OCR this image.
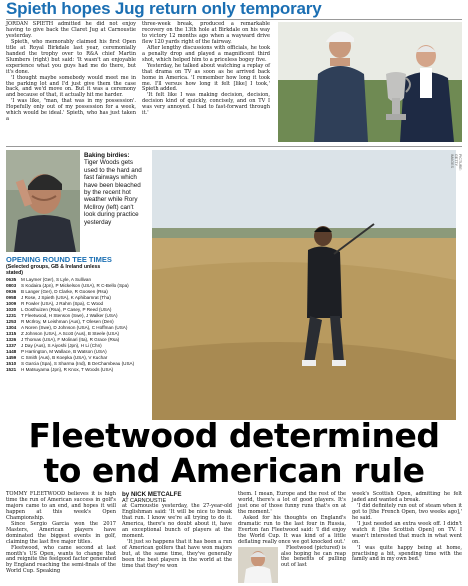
Spieth hopes Jug return only temporary

JORDAN SPIETH admitted he did not enjoy having to give back the Claret Jug at Carnoustie yesterday.

Spieth, who memorably claimed his first Open title at Royal Birkdale last year, ceremonially handed the trophy over to R&A chief Martin Slumbers (right) but said: 'It wasn't an enjoyable experience what you guys had me do there, but it's done.

'I thought maybe somebody would meet me in the parking lot and I'd just give them the case back, and we'd move on. But it was a ceremony and because of that, it actually hit me harder.

'I was like, "man, that was in my possession'. Hopefully only out of my possession for a week, which would be ideal.' Spieth, who has just taken a

three-week break, produced a remarkable recovery on the 13th hole at Birkdale on his way to victory 12 months ago when a wayward drive flew 120 yards right of the fairway.

After lengthy discussions with officials, he took a penalty drop and played a magnificent third shot, which helped him to a priceless bogey five.

Yesterday, he talked about watching a replay of that drama on TV as soon as he arrived back home in America. 'I remember how long it took me. I'll versus how long it felt [like] I took,' Spieth added.

'It felt like I was making decision, decision, decision kind of quickly, concisely, and on TV I was very annoyed. I had to fast-forward through it.'

Baking birdies: Tiger Woods gets used to the hard and fast fairways which have been bleached by the recent hot weather while Rory McIlroy (left) can't look during practice yesterday
PICTURE: GETTY IMAGES
OPENING ROUND TEE TIMES
(Selected groups, GB & Ireland unless stated)
0635 M Laymer (Ger), S Lyle, A Sullivan
0803 S Kodaira (Jpn), P Mickelson (USA), R C-Bello (Spa)
0936 B Langer (Ger), D Clarke, R Goosen (Rsa)
0958 J Rose, J Spieth (USA), K Aphibarnrat (Tha)
1009 R Fowler (USA), J Rahm (Spa), C Wood
1020 L Oosthuizen (Rsa), P Casey, P Reed (USA)
1231 T Fleetwood, H Stenson (Swe), J Walker (USA)
1253 R McIlroy, M Leishman (Aus), T Olesen (Den)
1304 A Noren (Swe), D Johnson (USA), C Hoffman (USA)
1315 Z Johnson (USA), A Scott (Aus), B Steele (USA)
1326 J Thomas (USA), F Molinari (Ita), R Grace (Rsa)
1337 J Day (Aus), S Aiyoshi (Jpn), H Li (Chn)
1448 P Harrington, M Wallace, B Watson (USA)
1459 C Smith (Aus), B Koepka (USA), V Kuchar
1510 S Garcia (Spa), S Sharma (Ind), B DeChambeau (USA)
1521 H Matsuyama (Jpn), R Knox, T Woods (USA)
Fleetwood determined
to end American rule

TOMMY FLEETWOOD believes it is high time the run of American success in golf's majors came to an end, and hopes it will happen at this week's Open Championship.

Since Sergio Garcia won the 2017 Masters, American players have dominated the biggest events in golf, claiming the last five major titles.

Fleetwood, who came second at last month's US Open, wants to change that and reignite the feelgood factor generated by England reaching the semi-finals of the World Cup. Speaking

by NICK METCALFE
AT CARNOUSTIE

at Carnoustie yesterday, the 27-year-old Englishman said: 'It will be nice to break that run. I know we're all trying to do it. America, there's no doubt about it, have an exceptional bunch of players at the moment.

'It just so happens that it has been a run of American golfers that have won majors but, at the same time, they've generally been the best players in the world at the time that they've won

them. I mean, Europe and the rest of the world, there's a lot of good players. It's just one of those funny runs that's on at the moment.'

Asked for his thoughts on England's dramatic run to the last four in Russia, Everton fan Fleetwood said: 'I did enjoy the World Cup. It was kind of a little deflating really once we got knocked out.'

Fleetwood (pictured) is also hoping he can reap the benefits of pulling out of last

week's Scottish Open, admitting he felt jaded and wanted a break.

'I did definitely run out of steam when it got to [the French Open, two weeks ago],' he said.

'I just needed an extra week off. I didn't watch it [the Scottish Open] on TV. I wasn't interested that much in what went on.

'I was quite happy being at home, practising a bit, spending time with the family and in my own bed.'
